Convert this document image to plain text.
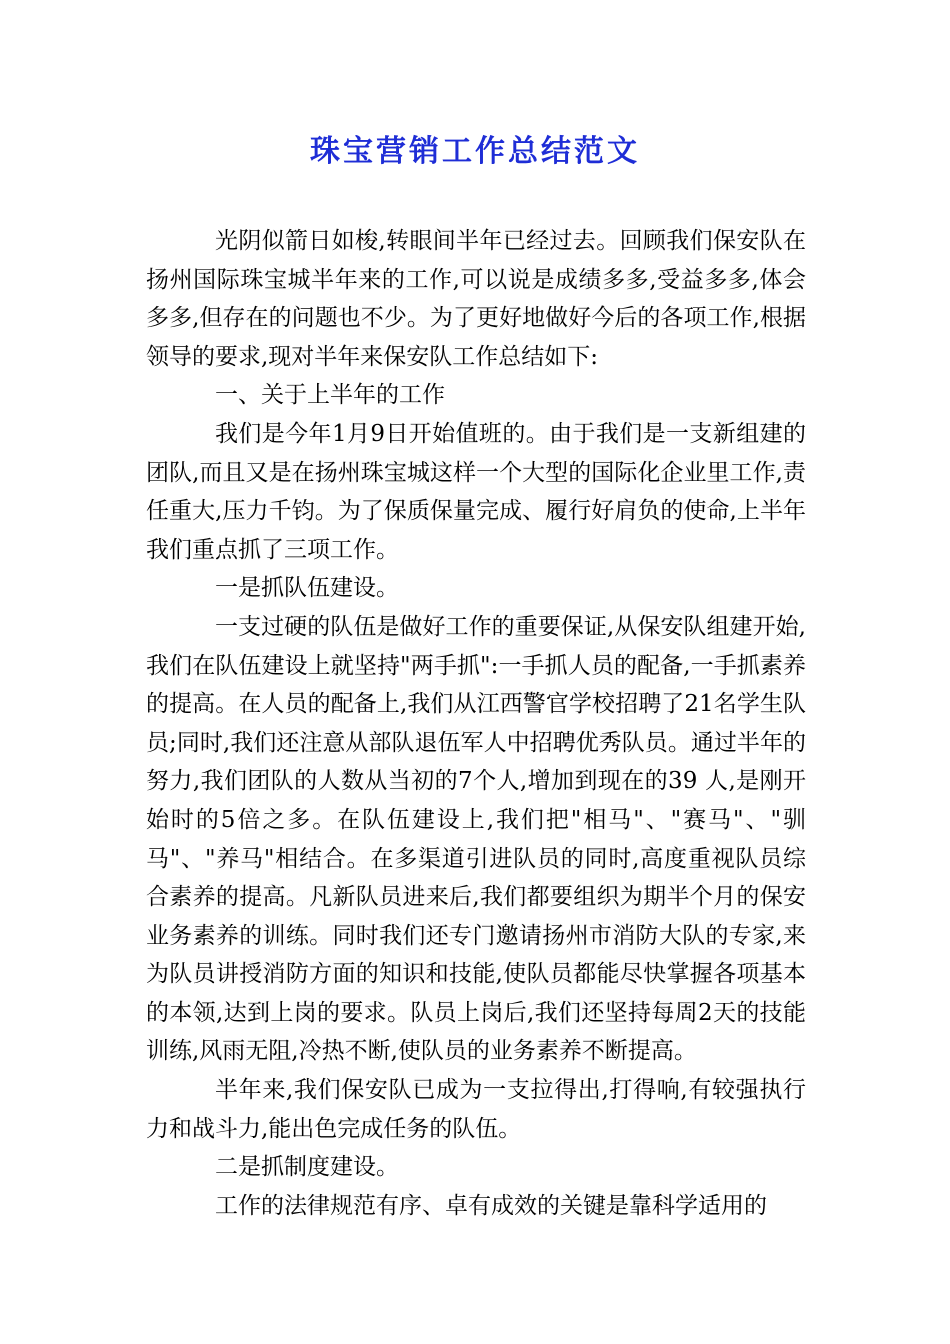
珠宝营销工作总结范文

光阴似箭日如梭,转眼间半年已经过去。回顾我们保安队在扬州国际珠宝城半年来的工作,可以说是成绩多多,受益多多,体会多多,但存在的问题也不少。为了更好地做好今后的各项工作,根据领导的要求,现对半年来保安队工作总结如下:

一、关于上半年的工作

我们是今年1月9日开始值班的。由于我们是一支新组建的团队,而且又是在扬州珠宝城这样一个大型的国际化企业里工作,责任重大,压力千钧。为了保质保量完成、履行好肩负的使命,上半年我们重点抓了三项工作。

一是抓队伍建设。

一支过硬的队伍是做好工作的重要保证,从保安队组建开始,我们在队伍建设上就坚持"两手抓":一手抓人员的配备,一手抓素养的提高。在人员的配备上,我们从江西警官学校招聘了21名学生队员;同时,我们还注意从部队退伍军人中招聘优秀队员。通过半年的努力,我们团队的人数从当初的7个人,增加到现在的39 人,是刚开始时的5倍之多。在队伍建设上,我们把"相马"、"赛马"、"驯马"、"养马"相结合。在多渠道引进队员的同时,高度重视队员综合素养的提高。凡新队员进来后,我们都要组织为期半个月的保安业务素养的训练。同时我们还专门邀请扬州市消防大队的专家,来为队员讲授消防方面的知识和技能,使队员都能尽快掌握各项基本的本领,达到上岗的要求。队员上岗后,我们还坚持每周2天的技能训练,风雨无阻,冷热不断,使队员的业务素养不断提高。

半年来,我们保安队已成为一支拉得出,打得响,有较强执行力和战斗力,能出色完成任务的队伍。

二是抓制度建设。

工作的法律规范有序、卓有成效的关键是靠科学适用的
